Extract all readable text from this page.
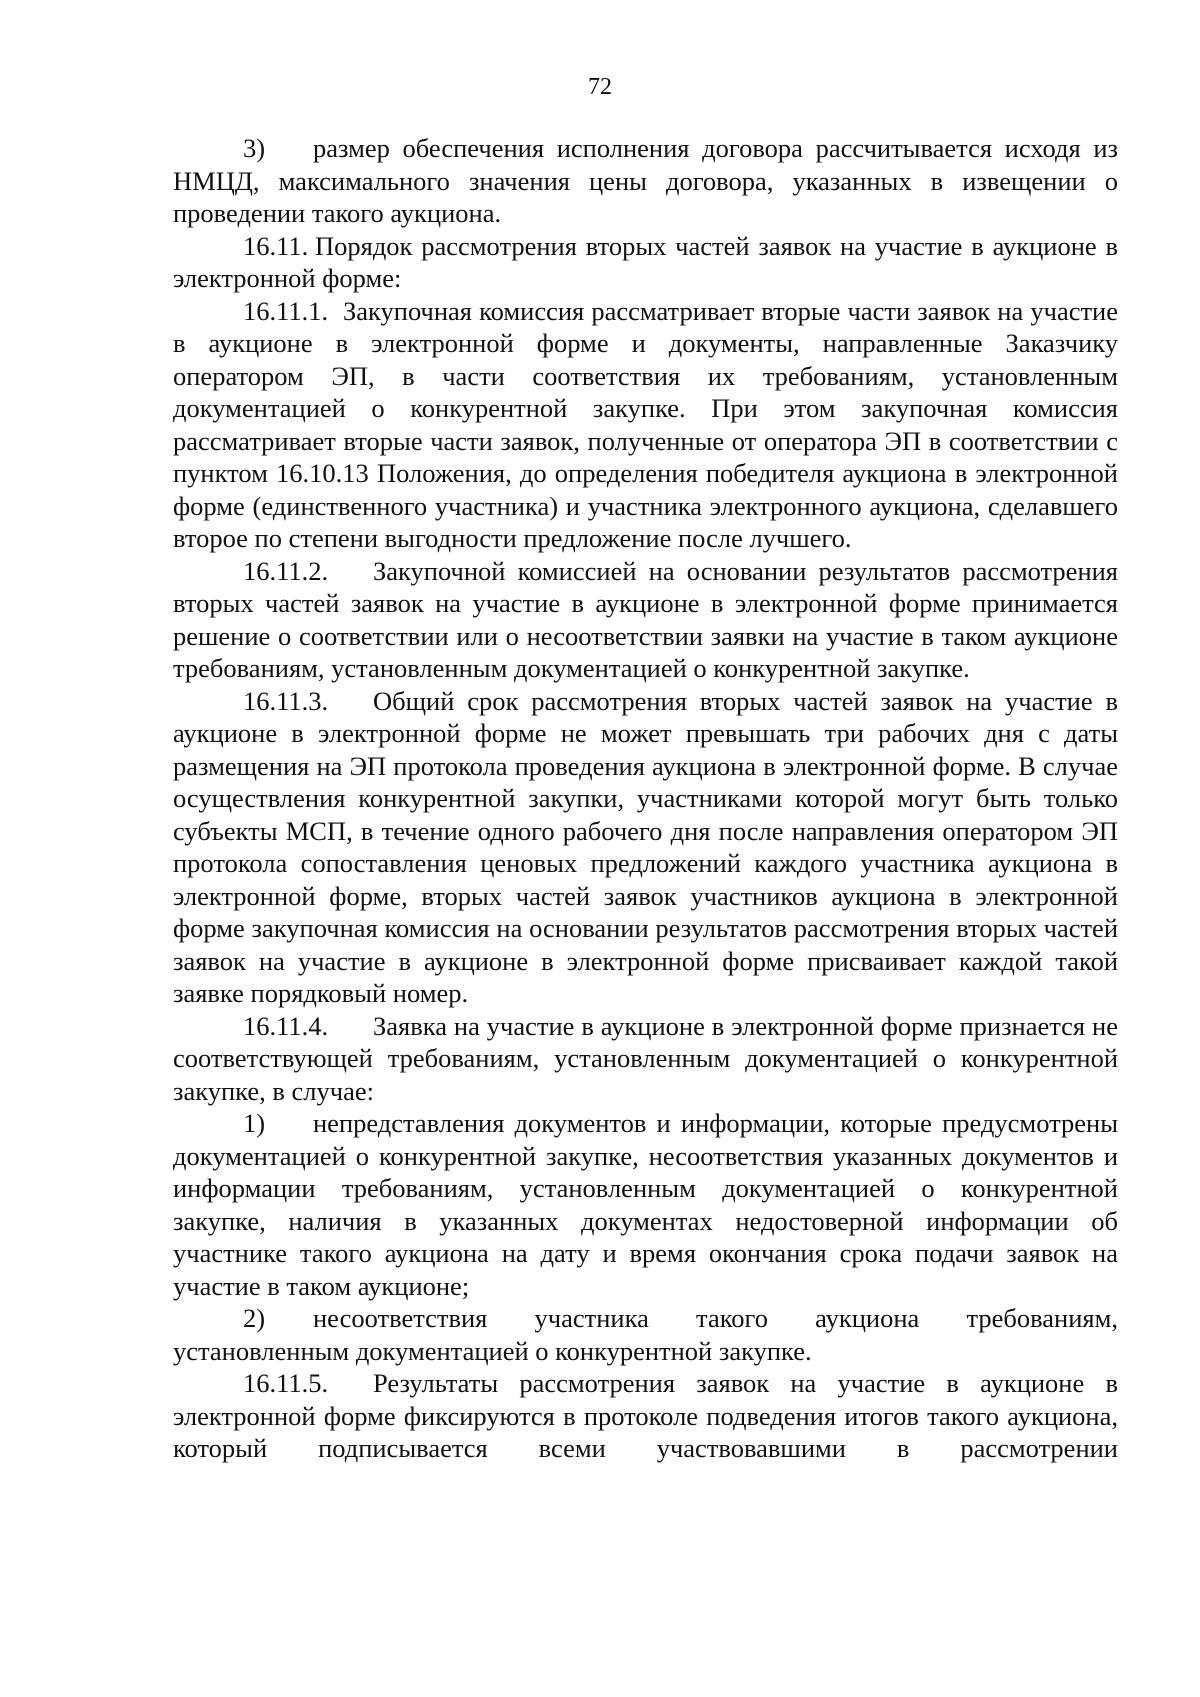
72

3) размер обеспечения исполнения договора рассчитывается исходя из НМЦД, максимального значения цены договора, указанных в извещении о проведении такого аукциона.

16.11. Порядок рассмотрения вторых частей заявок на участие в аукционе в электронной форме:

16.11.1. Закупочная комиссия рассматривает вторые части заявок на участие в аукционе в электронной форме и документы, направленные Заказчику оператором ЭП, в части соответствия их требованиям, установленным документацией о конкурентной закупке. При этом закупочная комиссия рассматривает вторые части заявок, полученные от оператора ЭП в соответствии с пунктом 16.10.13 Положения, до определения победителя аукциона в электронной форме (единственного участника) и участника электронного аукциона, сделавшего второе по степени выгодности предложение после лучшего.

16.11.2. Закупочной комиссией на основании результатов рассмотрения вторых частей заявок на участие в аукционе в электронной форме принимается решение о соответствии или о несоответствии заявки на участие в таком аукционе требованиям, установленным документацией о конкурентной закупке.

16.11.3. Общий срок рассмотрения вторых частей заявок на участие в аукционе в электронной форме не может превышать три рабочих дня с даты размещения на ЭП протокола проведения аукциона в электронной форме. В случае осуществления конкурентной закупки, участниками которой могут быть только субъекты МСП, в течение одного рабочего дня после направления оператором ЭП протокола сопоставления ценовых предложений каждого участника аукциона в электронной форме, вторых частей заявок участников аукциона в электронной форме закупочная комиссия на основании результатов рассмотрения вторых частей заявок на участие в аукционе в электронной форме присваивает каждой такой заявке порядковый номер.

16.11.4. Заявка на участие в аукционе в электронной форме признается не соответствующей требованиям, установленным документацией о конкурентной закупке, в случае:

1) непредставления документов и информации, которые предусмотрены документацией о конкурентной закупке, несоответствия указанных документов и информации требованиям, установленным документацией о конкурентной закупке, наличия в указанных документах недостоверной информации об участнике такого аукциона на дату и время окончания срока подачи заявок на участие в таком аукционе;

2) несоответствия участника такого аукциона требованиям, установленным документацией о конкурентной закупке.

16.11.5. Результаты рассмотрения заявок на участие в аукционе в электронной форме фиксируются в протоколе подведения итогов такого аукциона, который подписывается всеми участвовавшими в рассмотрении
